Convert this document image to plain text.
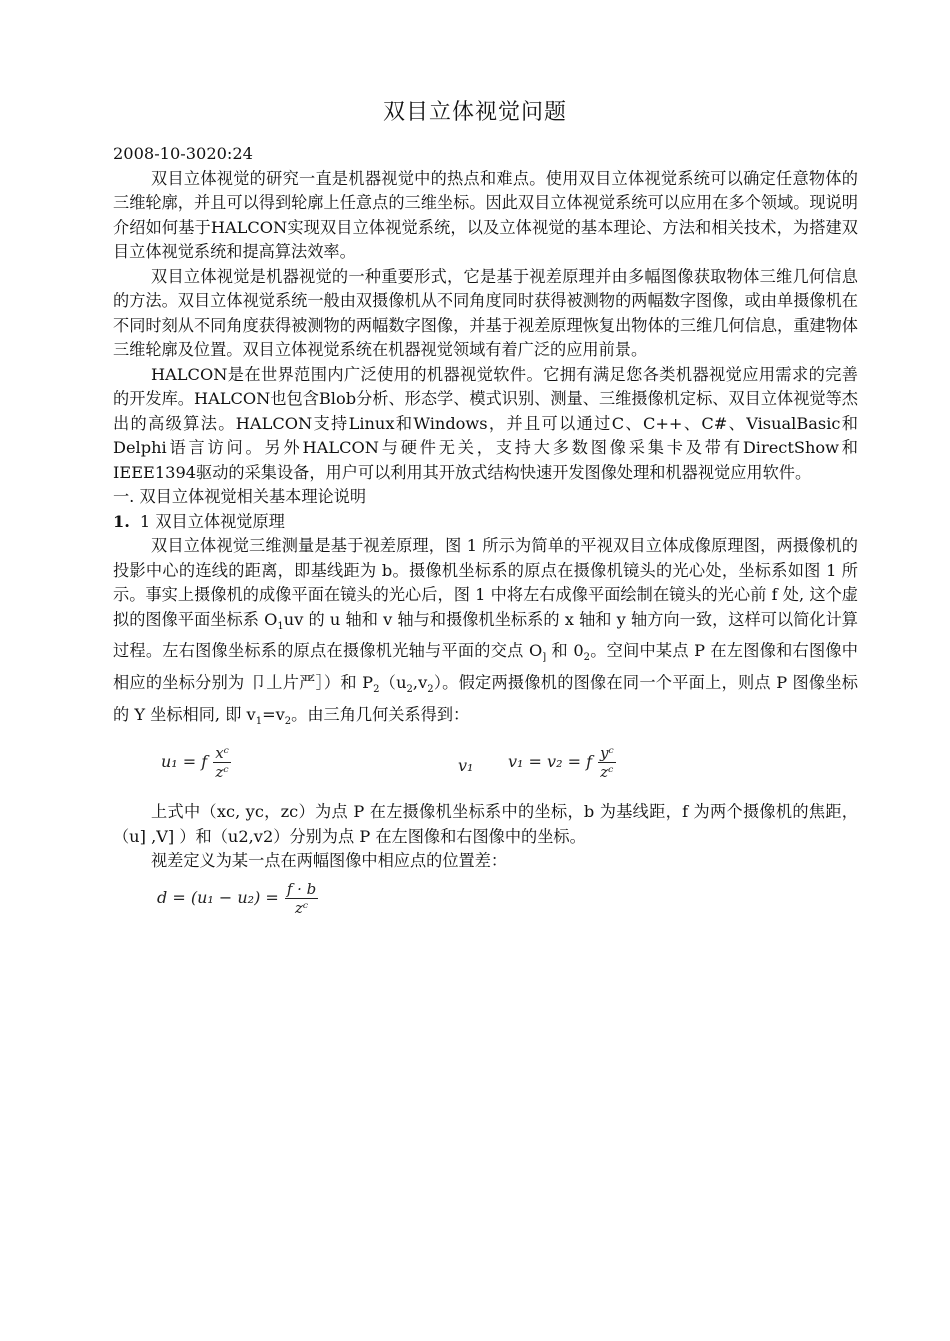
双目立体视觉问题

2008-10-3020:24

双目立体视觉的研究一直是机器视觉中的热点和难点。使用双目立体视觉系统可以确定任意物体的三维轮廓，并且可以得到轮廓上任意点的三维坐标。因此双目立体视觉系统可以应用在多个领域。现说明介绍如何基于HALCON实现双目立体视觉系统，以及立体视觉的基本理论、方法和相关技术，为搭建双目立体视觉系统和提高算法效率。

双目立体视觉是机器视觉的一种重要形式，它是基于视差原理并由多幅图像获取物体三维几何信息的方法。双目立体视觉系统一般由双摄像机从不同角度同时获得被测物的两幅数字图像，或由单摄像机在不同时刻从不同角度获得被测物的两幅数字图像，并基于视差原理恢复出物体的三维几何信息，重建物体三维轮廓及位置。双目立体视觉系统在机器视觉领域有着广泛的应用前景。

HALCON是在世界范围内广泛使用的机器视觉软件。它拥有满足您各类机器视觉应用需求的完善的开发库。HALCON也包含Blob分析、形态学、模式识别、测量、三维摄像机定标、双目立体视觉等杰出的高级算法。HALCON支持Linux和Windows，并且可以通过C、C++、C#、VisualBasic和Delphi语言访问。另外HALCON与硬件无关，支持大多数图像采集卡及带有DirectShow和IEEE1394驱动的采集设备，用户可以利用其开放式结构快速开发图像处理和机器视觉应用软件。

一. 双目立体视觉相关基本理论说明

1. 1 双目立体视觉原理

双目立体视觉三维测量是基于视差原理，图 1 所示为简单的平视双目立体成像原理图，两摄像机的投影中心的连线的距离，即基线距为 b。摄像机坐标系的原点在摄像机镜头的光心处，坐标系如图 1 所示。事实上摄像机的成像平面在镜头的光心后，图 1 中将左右成像平面绘制在镜头的光心前 f 处, 这个虚拟的图像平面坐标系 $O_1uv$ 的 u 轴和 v 轴与和摄像机坐标系的 x 轴和 y 轴方向一致，这样可以简化计算过程。左右图像坐标系的原点在摄像机光轴与平面的交点 $O_]$ 和 $0_2$。空间中某点 P 在左图像和右图像中相应的坐标分别为 卩丄片严］）和 $P_2(u_2,v_2)$。假定两摄像机的图像在同一个平面上，则点 P 图像坐标的 Y 坐标相同, 即 $v_1=v_2$。由三角几何关系得到：

u₁ = f $\frac{\text{xᶜ}}{\text{zᶜ}}$	v₁ v₁ = v₂ = f $\frac{\text{yᶜ}}{\text{zᶜ}}$

上式中（xc, yc，zc）为点 P 在左摄像机坐标系中的坐标，b 为基线距，f 为两个摄像机的焦距，（u] ,V] ）和（u2,v2）分别为点 P 在左图像和右图像中的坐标。

视差定义为某一点在两幅图像中相应点的位置差：

$d = (u_1 - u_2) = \frac{f \cdot b}{\text{zᶜ}}$
